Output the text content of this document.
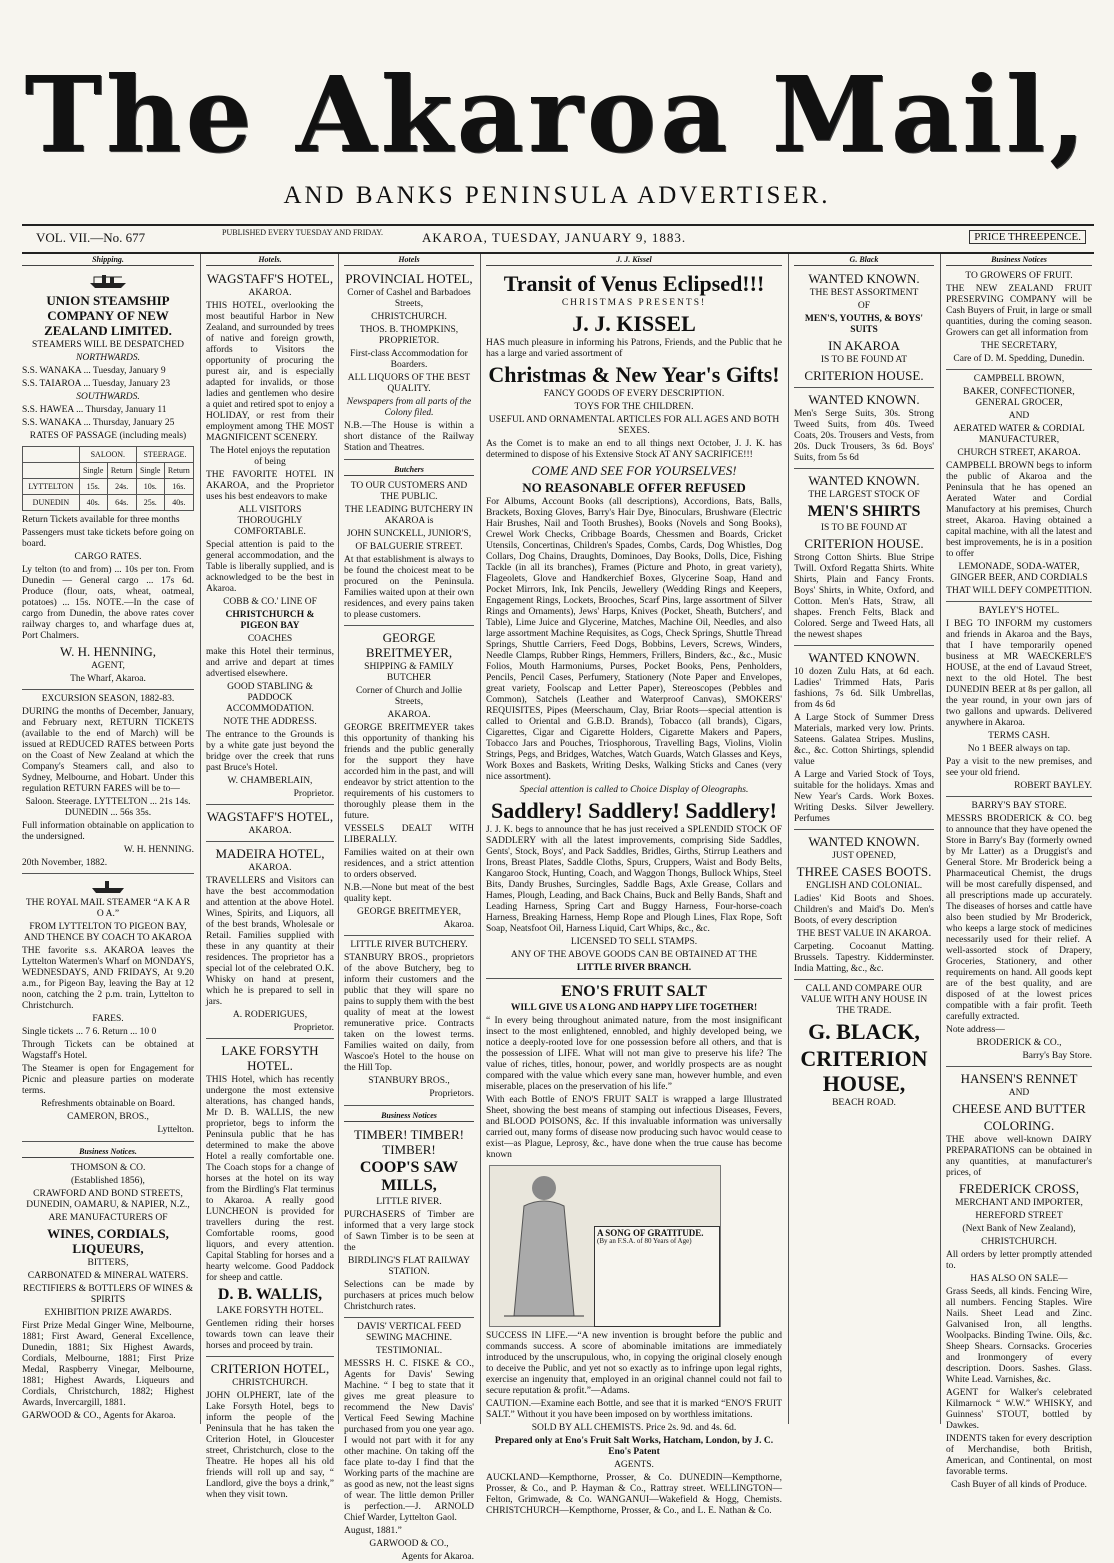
The Akaroa Mail,
AND BANKS PENINSULA ADVERTISER.
VOL. VII.—No. 677	PUBLISHED EVERY TUESDAY AND FRIDAY.	AKAROA, TUESDAY, JANUARY 9, 1883.	PRICE THREEPENCE.
Shipping.

UNION STEAMSHIP COMPANY OF NEW ZEALAND LIMITED.

STEAMERS WILL BE DESPATCHED

NORTHWARDS.

S.S. WANAKA ... Tuesday, January 9

S.S. TAIAROA ... Tuesday, January 23

SOUTHWARDS.

S.S. HAWEA ... Thursday, January 11

S.S. WANAKA ... Thursday, January 25

RATES OF PASSAGE (including meals)

	SALOON.		STEERAGE.	
	Single	Return	Single	Return
LYTTELTON	15s.	24s.	10s.	16s.
DUNEDIN	40s.	64s.	25s.	40s.

Return Tickets available for three months

Passengers must take tickets before going on board.

CARGO RATES.

Ly telton (to and from) ... 10s per ton. From Dunedin — General cargo ... 17s 6d. Produce (flour, oats, wheat, oatmeal, potatoes) ... 15s. NOTE.—In the case of cargo from Dunedin, the above rates cover railway charges to, and wharfage dues at, Port Chalmers.

W. H. HENNING,

AGENT,

The Wharf, Akaroa.

EXCURSION SEASON, 1882-83.

DURING the months of December, January, and February next, RETURN TICKETS (available to the end of March) will be issued at REDUCED RATES between Ports on the Coast of New Zealand at which the Company's Steamers call, and also to Sydney, Melbourne, and Hobart. Under this regulation RETURN FARES will be to—

Saloon. Steerage. LYTTELTON ... 21s 14s. DUNEDIN ... 56s 35s.

Full information obtainable on application to the undersigned.

W. H. HENNING.

20th November, 1882.

THE ROYAL MAIL STEAMER “A K A R O A.”

FROM LYTTELTON TO PIGEON BAY, AND THENCE BY COACH TO AKAROA

THE favorite s.s. AKAROA leaves the Lyttelton Watermen's Wharf on MONDAYS, WEDNESDAYS, AND FRIDAYS, At 9.20 a.m., for Pigeon Bay, leaving the Bay at 12 noon, catching the 2 p.m. train, Lyttelton to Christchurch.

FARES.

Single tickets ... 7 6. Return ... 10 0

Through Tickets can be obtained at Wagstaff's Hotel.

The Steamer is open for Engagement for Picnic and pleasure parties on moderate terms.

Refreshments obtainable on Board.

CAMERON, BROS.,

Lyttelton.

Business Notices.

THOMSON & CO.

(Established 1856),

CRAWFORD AND BOND STREETS, DUNEDIN, OAMARU, & NAPIER, N.Z.,

ARE MANUFACTURERS OF

WINES, CORDIALS, LIQUEURS,

BITTERS,

CARBONATED & MINERAL WATERS.

RECTIFIERS & BOTTLERS OF WINES & SPIRITS

EXHIBITION PRIZE AWARDS.

First Prize Medal Ginger Wine, Melbourne, 1881; First Award, General Excellence, Dunedin, 1881; Six Highest Awards, Cordials, Melbourne, 1881; First Prize Medal, Raspberry Vinegar, Melbourne, 1881; Highest Awards, Liqueurs and Cordials, Christchurch, 1882; Highest Awards, Invercargill, 1881.

GARWOOD & CO., Agents for Akaroa.

Hotels.

WAGSTAFF'S HOTEL,

AKAROA.

THIS HOTEL, overlooking the most beautiful Harbor in New Zealand, and surrounded by trees of native and foreign growth, affords to Visitors the opportunity of procuring the purest air, and is especially adapted for invalids, or those ladies and gentlemen who desire a quiet and retired spot to enjoy a HOLIDAY, or rest from their employment among THE MOST MAGNIFICENT SCENERY.

The Hotel enjoys the reputation of being

THE FAVORITE HOTEL IN AKAROA, and the Proprietor uses his best endeavors to make

ALL VISITORS THOROUGHLY COMFORTABLE.

Special attention is paid to the general accommodation, and the Table is liberally supplied, and is acknowledged to be the best in Akaroa.

COBB & CO.' LINE OF

CHRISTCHURCH & PIGEON BAY

COACHES

make this Hotel their terminus, and arrive and depart at times advertised elsewhere.

GOOD STABLING & PADDOCK ACCOMMODATION.

NOTE THE ADDRESS.

The entrance to the Grounds is by a white gate just beyond the bridge over the creek that runs past Bruce's Hotel.

W. CHAMBERLAIN,

Proprietor.

WAGSTAFF'S HOTEL,

AKAROA.

MADEIRA HOTEL,

AKAROA.

TRAVELLERS and Visitors can have the best accommodation and attention at the above Hotel. Wines, Spirits, and Liquors, all of the best brands, Wholesale or Retail. Families supplied with these in any quantity at their residences. The proprietor has a special lot of the celebrated O.K. Whisky on hand at present, which he is prepared to sell in jars.

A. RODERIGUES,

Proprietor.

LAKE FORSYTH HOTEL.

THIS Hotel, which has recently undergone the most extensive alterations, has changed hands, Mr D. B. WALLIS, the new proprietor, begs to inform the Peninsula public that he has determined to make the above Hotel a really comfortable one. The Coach stops for a change of horses at the hotel on its way from the Birdling's Flat terminus to Akaroa. A really good LUNCHEON is provided for travellers during the rest. Comfortable rooms, good liquors, and every attention. Capital Stabling for horses and a hearty welcome. Good Paddock for sheep and cattle.

D. B. WALLIS,

LAKE FORSYTH HOTEL.

Gentlemen riding their horses towards town can leave their horses and proceed by train.

CRITERION HOTEL,

CHRISTCHURCH.

JOHN OLPHERT, late of the Lake Forsyth Hotel, begs to inform the people of the Peninsula that he has taken the Criterion Hotel, in Gloucester street, Christchurch, close to the Theatre. He hopes all his old friends will roll up and say, “ Landlord, give the boys a drink,” when they visit town.

Hotels

PROVINCIAL HOTEL,

Corner of Cashel and Barbadoes Streets,

CHRISTCHURCH.

THOS. B. THOMPKINS, PROPRIETOR.

First-class Accommodation for Boarders.

ALL LIQUORS OF THE BEST QUALITY.

Newspapers from all parts of the Colony filed.

N.B.—The House is within a short distance of the Railway Station and Theatres.

Butchers

TO OUR CUSTOMERS AND THE PUBLIC.

THE LEADING BUTCHERY IN AKAROA is

JOHN SUNCKELL, JUNIOR'S,

OF BALGUERIE STREET.

At that establishment is always to be found the choicest meat to be procured on the Peninsula. Families waited upon at their own residences, and every pains taken to please customers.

GEORGE BREITMEYER,

SHIPPING & FAMILY BUTCHER

Corner of Church and Jollie Streets,

AKAROA.

GEORGE BREITMEYER takes this opportunity of thanking his friends and the public generally for the support they have accorded him in the past, and will endeavor by strict attention to the requirements of his customers to thoroughly please them in the future.

VESSELS DEALT WITH LIBERALLY.

Families waited on at their own residences, and a strict attention to orders observed.

N.B.—None but meat of the best quality kept.

GEORGE BREITMEYER,

Akaroa.

LITTLE RIVER BUTCHERY.

STANBURY BROS., proprietors of the above Butchery, beg to inform their customers and the public that they will spare no pains to supply them with the best quality of meat at the lowest remunerative price. Contracts taken on the lowest terms. Families waited on daily, from Wascoe's Hotel to the house on the Hill Top.

STANBURY BROS.,

Proprietors.

Business Notices

TIMBER! TIMBER! TIMBER!

COOP'S SAW MILLS,

LITTLE RIVER.

PURCHASERS of Timber are informed that a very large stock of Sawn Timber is to be seen at the

BIRDLING'S FLAT RAILWAY STATION.

Selections can be made by purchasers at prices much below Christchurch rates.

DAVIS' VERTICAL FEED SEWING MACHINE.

TESTIMONIAL.

MESSRS H. C. FISKE & CO., Agents for Davis' Sewing Machine. “ I beg to state that it gives me great pleasure to recommend the New Davis' Vertical Feed Sewing Machine purchased from you one year ago. I would not part with it for any other machine. On taking off the face plate to-day I find that the Working parts of the machine are as good as new, not the least signs of wear. The little demon Priller is perfection.—J. ARNOLD Chief Warder, Lyttelton Gaol.

August, 1881.”

GARWOOD & CO.,

Agents for Akaroa.

J. J. Kissel

Transit of Venus Eclipsed!!!

CHRISTMAS PRESENTS!

J. J. KISSEL

HAS much pleasure in informing his Patrons, Friends, and the Public that he has a large and varied assortment of

Christmas & New Year's Gifts!

FANCY GOODS OF EVERY DESCRIPTION.

TOYS FOR THE CHILDREN.

USEFUL AND ORNAMENTAL ARTICLES FOR ALL AGES AND BOTH SEXES.

As the Comet is to make an end to all things next October, J. J. K. has determined to dispose of his Extensive Stock AT ANY SACRIFICE!!!

COME AND SEE FOR YOURSELVES!

NO REASONABLE OFFER REFUSED

For Albums, Account Books (all descriptions), Accordions, Bats, Balls, Brackets, Boxing Gloves, Barry's Hair Dye, Binoculars, Brushware (Electric Hair Brushes, Nail and Tooth Brushes), Books (Novels and Song Books), Crewel Work Checks, Cribbage Boards, Chessmen and Boards, Cricket Utensils, Concertinas, Children's Spades, Combs, Cards, Dog Whistles, Dog Collars, Dog Chains, Draughts, Dominoes, Day Books, Dolls, Dice, Fishing Tackle (in all its branches), Frames (Picture and Photo, in great variety), Flageolets, Glove and Handkerchief Boxes, Glycerine Soap, Hand and Pocket Mirrors, Ink, Ink Pencils, Jewellery (Wedding Rings and Keepers, Engagement Rings, Lockets, Brooches, Scarf Pins, large assortment of Silver Rings and Ornaments), Jews' Harps, Knives (Pocket, Sheath, Butchers', and Table), Lime Juice and Glycerine, Matches, Machine Oil, Needles, and also large assortment Machine Requisites, as Cogs, Check Springs, Shuttle Thread Springs, Shuttle Carriers, Feed Dogs, Bobbins, Levers, Screws, Winders, Needle Clamps, Rubber Rings, Hemmers, Frillers, Binders, &c., &c., Music Folios, Mouth Harmoniums, Purses, Pocket Books, Pens, Penholders, Pencils, Pencil Cases, Perfumery, Stationery (Note Paper and Envelopes, great variety, Foolscap and Letter Paper), Stereoscopes (Pebbles and Common), Satchels (Leather and Waterproof Canvas), SMOKERS' REQUISITES, Pipes (Meerschaum, Clay, Briar Roots—special attention is called to Oriental and G.B.D. Brands), Tobacco (all brands), Cigars, Cigarettes, Cigar and Cigarette Holders, Cigarette Makers and Papers, Tobacco Jars and Pouches, Triosphorous, Travelling Bags, Violins, Violin Strings, Pegs, and Bridges, Watches, Watch Guards, Watch Glasses and Keys, Work Boxes and Baskets, Writing Desks, Walking Sticks and Canes (very nice assortment).

Special attention is called to Choice Display of Oleographs.

Saddlery! Saddlery! Saddlery!

J. J. K. begs to announce that he has just received a SPLENDID STOCK OF SADDLERY with all the latest improvements, comprising Side Saddles, Gents', Stock, Boys', and Pack Saddles, Bridles, Girths, Stirrup Leathers and Irons, Breast Plates, Saddle Cloths, Spurs, Cruppers, Waist and Body Belts, Kangaroo Stock, Hunting, Coach, and Waggon Thongs, Bullock Whips, Steel Bits, Dandy Brushes, Surcingles, Saddle Bags, Axle Grease, Collars and Hames, Plough, Leading, and Back Chains, Buck and Belly Bands, Shaft and Leading Harness, Spring Cart and Buggy Harness, Four-horse-coach Harness, Breaking Harness, Hemp Rope and Plough Lines, Flax Rope, Soft Soap, Neatsfoot Oil, Harness Liquid, Cart Whips, &c., &c.

LICENSED TO SELL STAMPS.

ANY OF THE ABOVE GOODS CAN BE OBTAINED AT THE

LITTLE RIVER BRANCH.

ENO'S FRUIT SALT

WILL GIVE US A LONG AND HAPPY LIFE TOGETHER!

“ In every being throughout animated nature, from the most insignificant insect to the most enlightened, ennobled, and highly developed being, we notice a deeply-rooted love for one possession before all others, and that is the possession of LIFE. What will not man give to preserve his life? The value of riches, titles, honour, power, and worldly prospects are as nought compared with the value which every sane man, however humble, and even miserable, places on the preservation of his life.”

With each Bottle of ENO'S FRUIT SALT is wrapped a large Illustrated Sheet, showing the best means of stamping out infectious Diseases, Fevers, and BLOOD POISONS, &c. If this invaluable information was universally carried out, many forms of disease now producing such havoc would cease to exist—as Plague, Leprosy, &c., have done when the true cause has become known

A SONG OF GRATITUDE.
(By an F.S.A. of 80 Years of Age)

SUCCESS IN LIFE.—“A new invention is brought before the public and commands success. A score of abominable imitations are immediately introduced by the unscrupulous, who, in copying the original closely enough to deceive the Public, and yet not so exactly as to infringe upon legal rights, exercise an ingenuity that, employed in an original channel could not fail to secure reputation & profit.”—Adams.

CAUTION.—Examine each Bottle, and see that it is marked “ENO'S FRUIT SALT.” Without it you have been imposed on by worthless imitations.

SOLD BY ALL CHEMISTS. Price 2s. 9d. and 4s. 6d.

Prepared only at Eno's Fruit Salt Works, Hatcham, London, by J. C. Eno's Patent

AGENTS.

AUCKLAND—Kempthorne, Prosser, & Co. DUNEDIN—Kempthorne, Prosser, & Co., and P. Hayman & Co., Rattray street. WELLINGTON—Felton, Grimwade, & Co. WANGANUI—Wakefield & Hogg, Chemists. CHRISTCHURCH—Kempthorne, Prosser, & Co., and L. E. Nathan & Co.

G. Black

WANTED KNOWN.

THE BEST ASSORTMENT

OF

MEN'S, YOUTHS, & BOYS' SUITS

IN AKAROA

IS TO BE FOUND AT

CRITERION HOUSE.

WANTED KNOWN.

Men's Serge Suits, 30s. Strong Tweed Suits, from 40s. Tweed Coats, 20s. Trousers and Vests, from 20s. Duck Trousers, 3s 6d. Boys' Suits, from 5s 6d

WANTED KNOWN.

THE LARGEST STOCK OF

MEN'S SHIRTS

IS TO BE FOUND AT

CRITERION HOUSE.

Strong Cotton Shirts. Blue Stripe Twill. Oxford Regatta Shirts. White Shirts, Plain and Fancy Fronts. Boys' Shirts, in White, Oxford, and Cotton. Men's Hats, Straw, all shapes. French Felts, Black and Colored. Serge and Tweed Hats, all the newest shapes

WANTED KNOWN.

10 dozen Zulu Hats, at 6d each. Ladies' Trimmed Hats, Paris fashions, 7s 6d. Silk Umbrellas, from 4s 6d

A Large Stock of Summer Dress Materials, marked very low. Prints. Sateens. Galatea Stripes. Muslins, &c., &c. Cotton Shirtings, splendid value

A Large and Varied Stock of Toys, suitable for the holidays. Xmas and New Year's Cards. Work Boxes. Writing Desks. Silver Jewellery. Perfumes

WANTED KNOWN.

JUST OPENED,

THREE CASES BOOTS.

ENGLISH AND COLONIAL.

Ladies' Kid Boots and Shoes. Children's and Maid's Do. Men's Boots, of every description

THE BEST VALUE IN AKAROA.

Carpeting. Cocoanut Matting. Brussels. Tapestry. Kidderminster. India Matting, &c., &c.

CALL AND COMPARE OUR VALUE WITH ANY HOUSE IN THE TRADE.

G. BLACK,

CRITERION HOUSE,

BEACH ROAD.

Business Notices

TO GROWERS OF FRUIT.

THE NEW ZEALAND FRUIT PRESERVING COMPANY will be Cash Buyers of Fruit, in large or small quantities, during the coming season. Growers can get all information from

THE SECRETARY,

Care of D. M. Spedding, Dunedin.

CAMPBELL BROWN,

BAKER, CONFECTIONER, GENERAL GROCER,

AND

AERATED WATER & CORDIAL MANUFACTURER,

CHURCH STREET, AKAROA.

CAMPBELL BROWN begs to inform the public of Akaroa and the Peninsula that he has opened an Aerated Water and Cordial Manufactory at his premises, Church street, Akaroa. Having obtained a capital machine, with all the latest and best improvements, he is in a position to offer

LEMONADE, SODA-WATER, GINGER BEER, AND CORDIALS

THAT WILL DEFY COMPETITION.

BAYLEY'S HOTEL.

I BEG TO INFORM my customers and friends in Akaroa and the Bays, that I have temporarily opened business at MR WAECKERLE'S HOUSE, at the end of Lavaud Street, next to the old Hotel. The best DUNEDIN BEER at 8s per gallon, all the year round, in your own jars of two gallons and upwards. Delivered anywhere in Akaroa.

TERMS CASH.

No 1 BEER always on tap.

Pay a visit to the new premises, and see your old friend.

ROBERT BAYLEY.

BARRY'S BAY STORE.

MESSRS BRODERICK & CO. beg to announce that they have opened the Store in Barry's Bay (formerly owned by Mr Latter) as a Druggist's and General Store. Mr Broderick being a Pharmaceutical Chemist, the drugs will be most carefully dispensed, and all prescriptions made up accurately. The diseases of horses and cattle have also been studied by Mr Broderick, who keeps a large stock of medicines necessarily used for their relief. A well-assorted stock of Drapery, Groceries, Stationery, and other requirements on hand. All goods kept are of the best quality, and are disposed of at the lowest prices compatible with a fair profit. Teeth carefully extracted.

Note address—

BRODERICK & CO.,

Barry's Bay Store.

HANSEN'S RENNET

AND

CHEESE AND BUTTER

COLORING.

THE above well-known DAIRY PREPARATIONS can be obtained in any quantities, at manufacturer's prices, of

FREDERICK CROSS,

MERCHANT AND IMPORTER,

HEREFORD STREET

(Next Bank of New Zealand),

CHRISTCHURCH.

All orders by letter promptly attended to.

HAS ALSO ON SALE—

Grass Seeds, all kinds. Fencing Wire, all numbers. Fencing Staples. Wire Nails. Sheet Lead and Zinc. Galvanised Iron, all lengths. Woolpacks. Binding Twine. Oils, &c. Sheep Shears. Cornsacks. Groceries and Ironmongery of every description. Doors. Sashes. Glass. White Lead. Varnishes, &c.

AGENT for Walker's celebrated Kilmarnock “ W.W.” WHISKY, and Guinness' STOUT, bottled by Dawkes.

INDENTS taken for every description of Merchandise, both British, American, and Continental, on most favorable terms.

Cash Buyer of all kinds of Produce.
